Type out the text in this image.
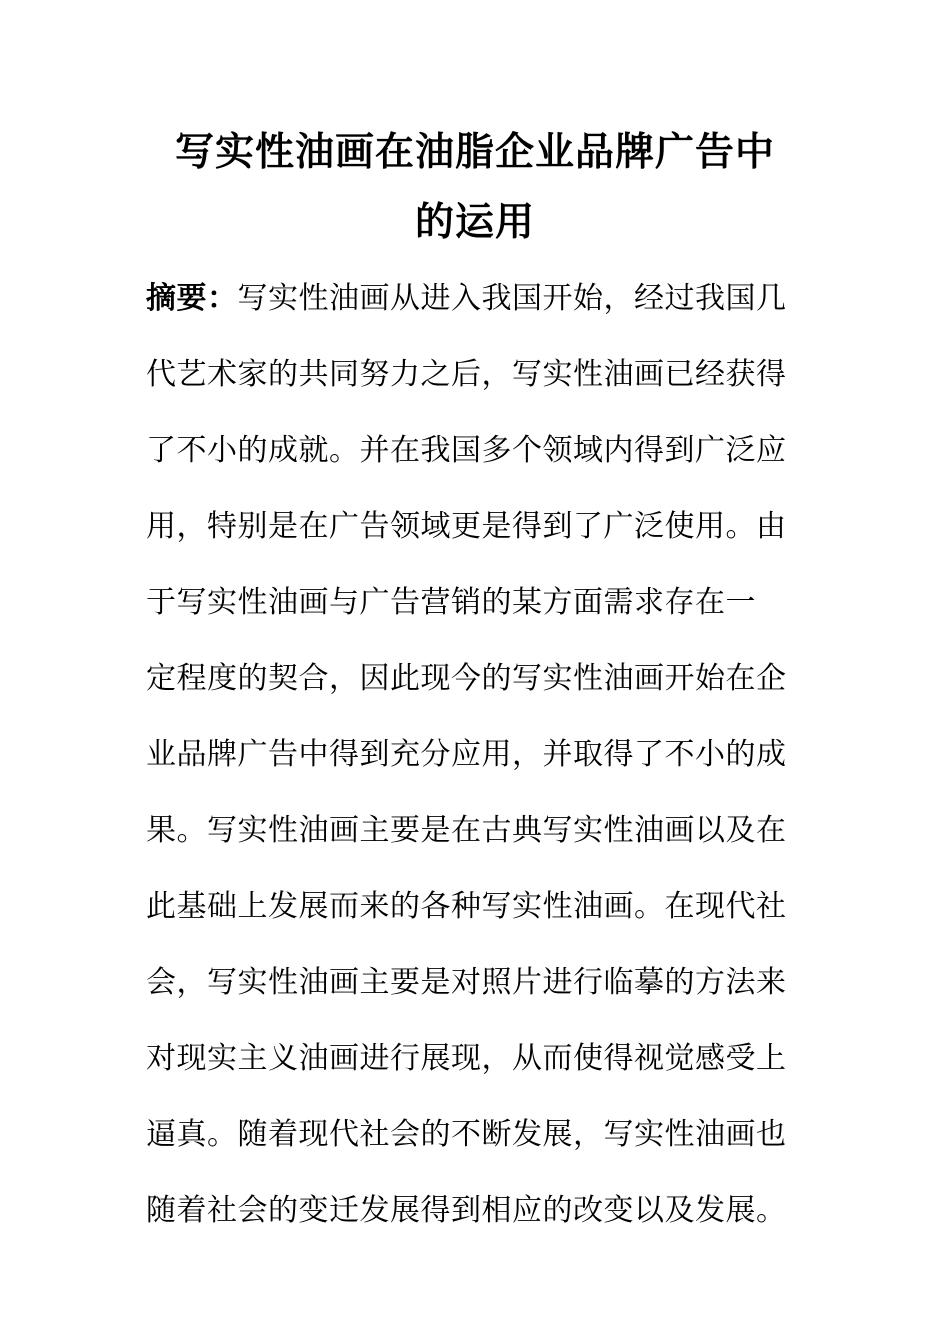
写实性油画在油脂企业品牌广告中
的运用
摘要：写实性油画从进入我国开始，经过我国几
代艺术家的共同努力之后，写实性油画已经获得
了不小的成就。并在我国多个领域内得到广泛应
用，特别是在广告领域更是得到了广泛使用。由
于写实性油画与广告营销的某方面需求存在一
定程度的契合，因此现今的写实性油画开始在企
业品牌广告中得到充分应用，并取得了不小的成
果。写实性油画主要是在古典写实性油画以及在
此基础上发展而来的各种写实性油画。在现代社
会，写实性油画主要是对照片进行临摹的方法来
对现实主义油画进行展现，从而使得视觉感受上
逼真。随着现代社会的不断发展，写实性油画也
随着社会的变迁发展得到相应的改变以及发展。
